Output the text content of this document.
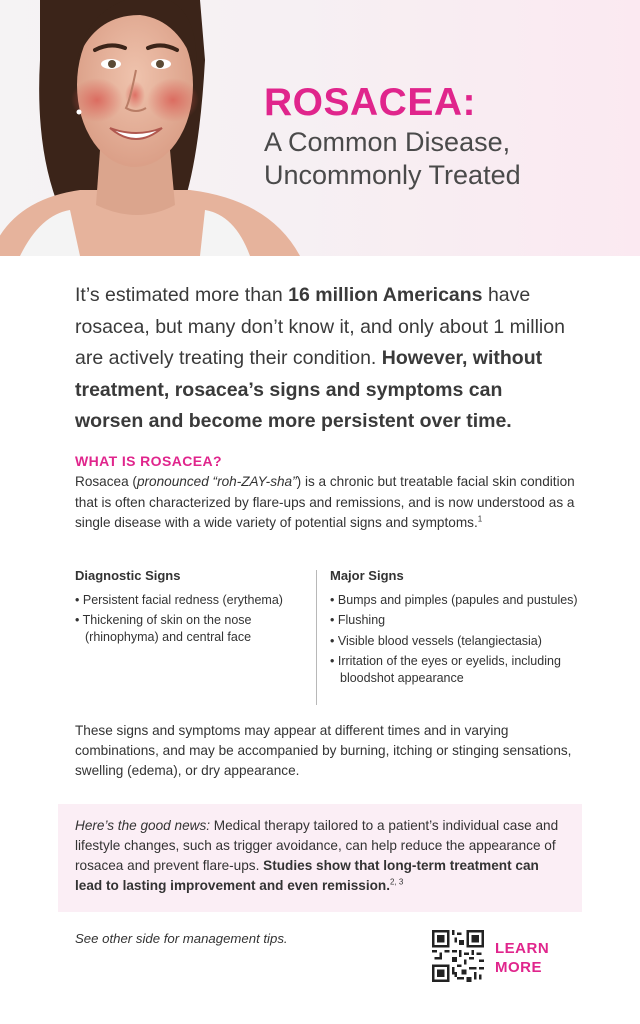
ROSACEA:
A Common Disease,
Uncommonly Treated
It’s estimated more than 16 million Americans have rosacea, but many don’t know it, and only about 1 million are actively treating their condition. However, without treatment, rosacea’s signs and symptoms can worsen and become more persistent over time.
WHAT IS ROSACEA?
Rosacea (pronounced “roh-ZAY-sha”) is a chronic but treatable facial skin condition that is often characterized by flare-ups and remissions, and is now understood as a single disease with a wide variety of potential signs and symptoms.$^1$
Diagnostic Signs
• Persistent facial redness (erythema)
• Thickening of skin on the nose (rhinophyma) and central face
Major Signs
• Bumps and pimples (papules and pustules)
• Flushing
• Visible blood vessels (telangiectasia)
• Irritation of the eyes or eyelids, including bloodshot appearance
These signs and symptoms may appear at different times and in varying combinations, and may be accompanied by burning, itching or stinging sensations, swelling (edema), or dry appearance.
Here’s the good news: Medical therapy tailored to a patient’s individual case and lifestyle changes, such as trigger avoidance, can help reduce the appearance of rosacea and prevent flare-ups. Studies show that long-term treatment can lead to lasting improvement and even remission.$^{2, 3}$
See other side for management tips.
LEARN
MORE
